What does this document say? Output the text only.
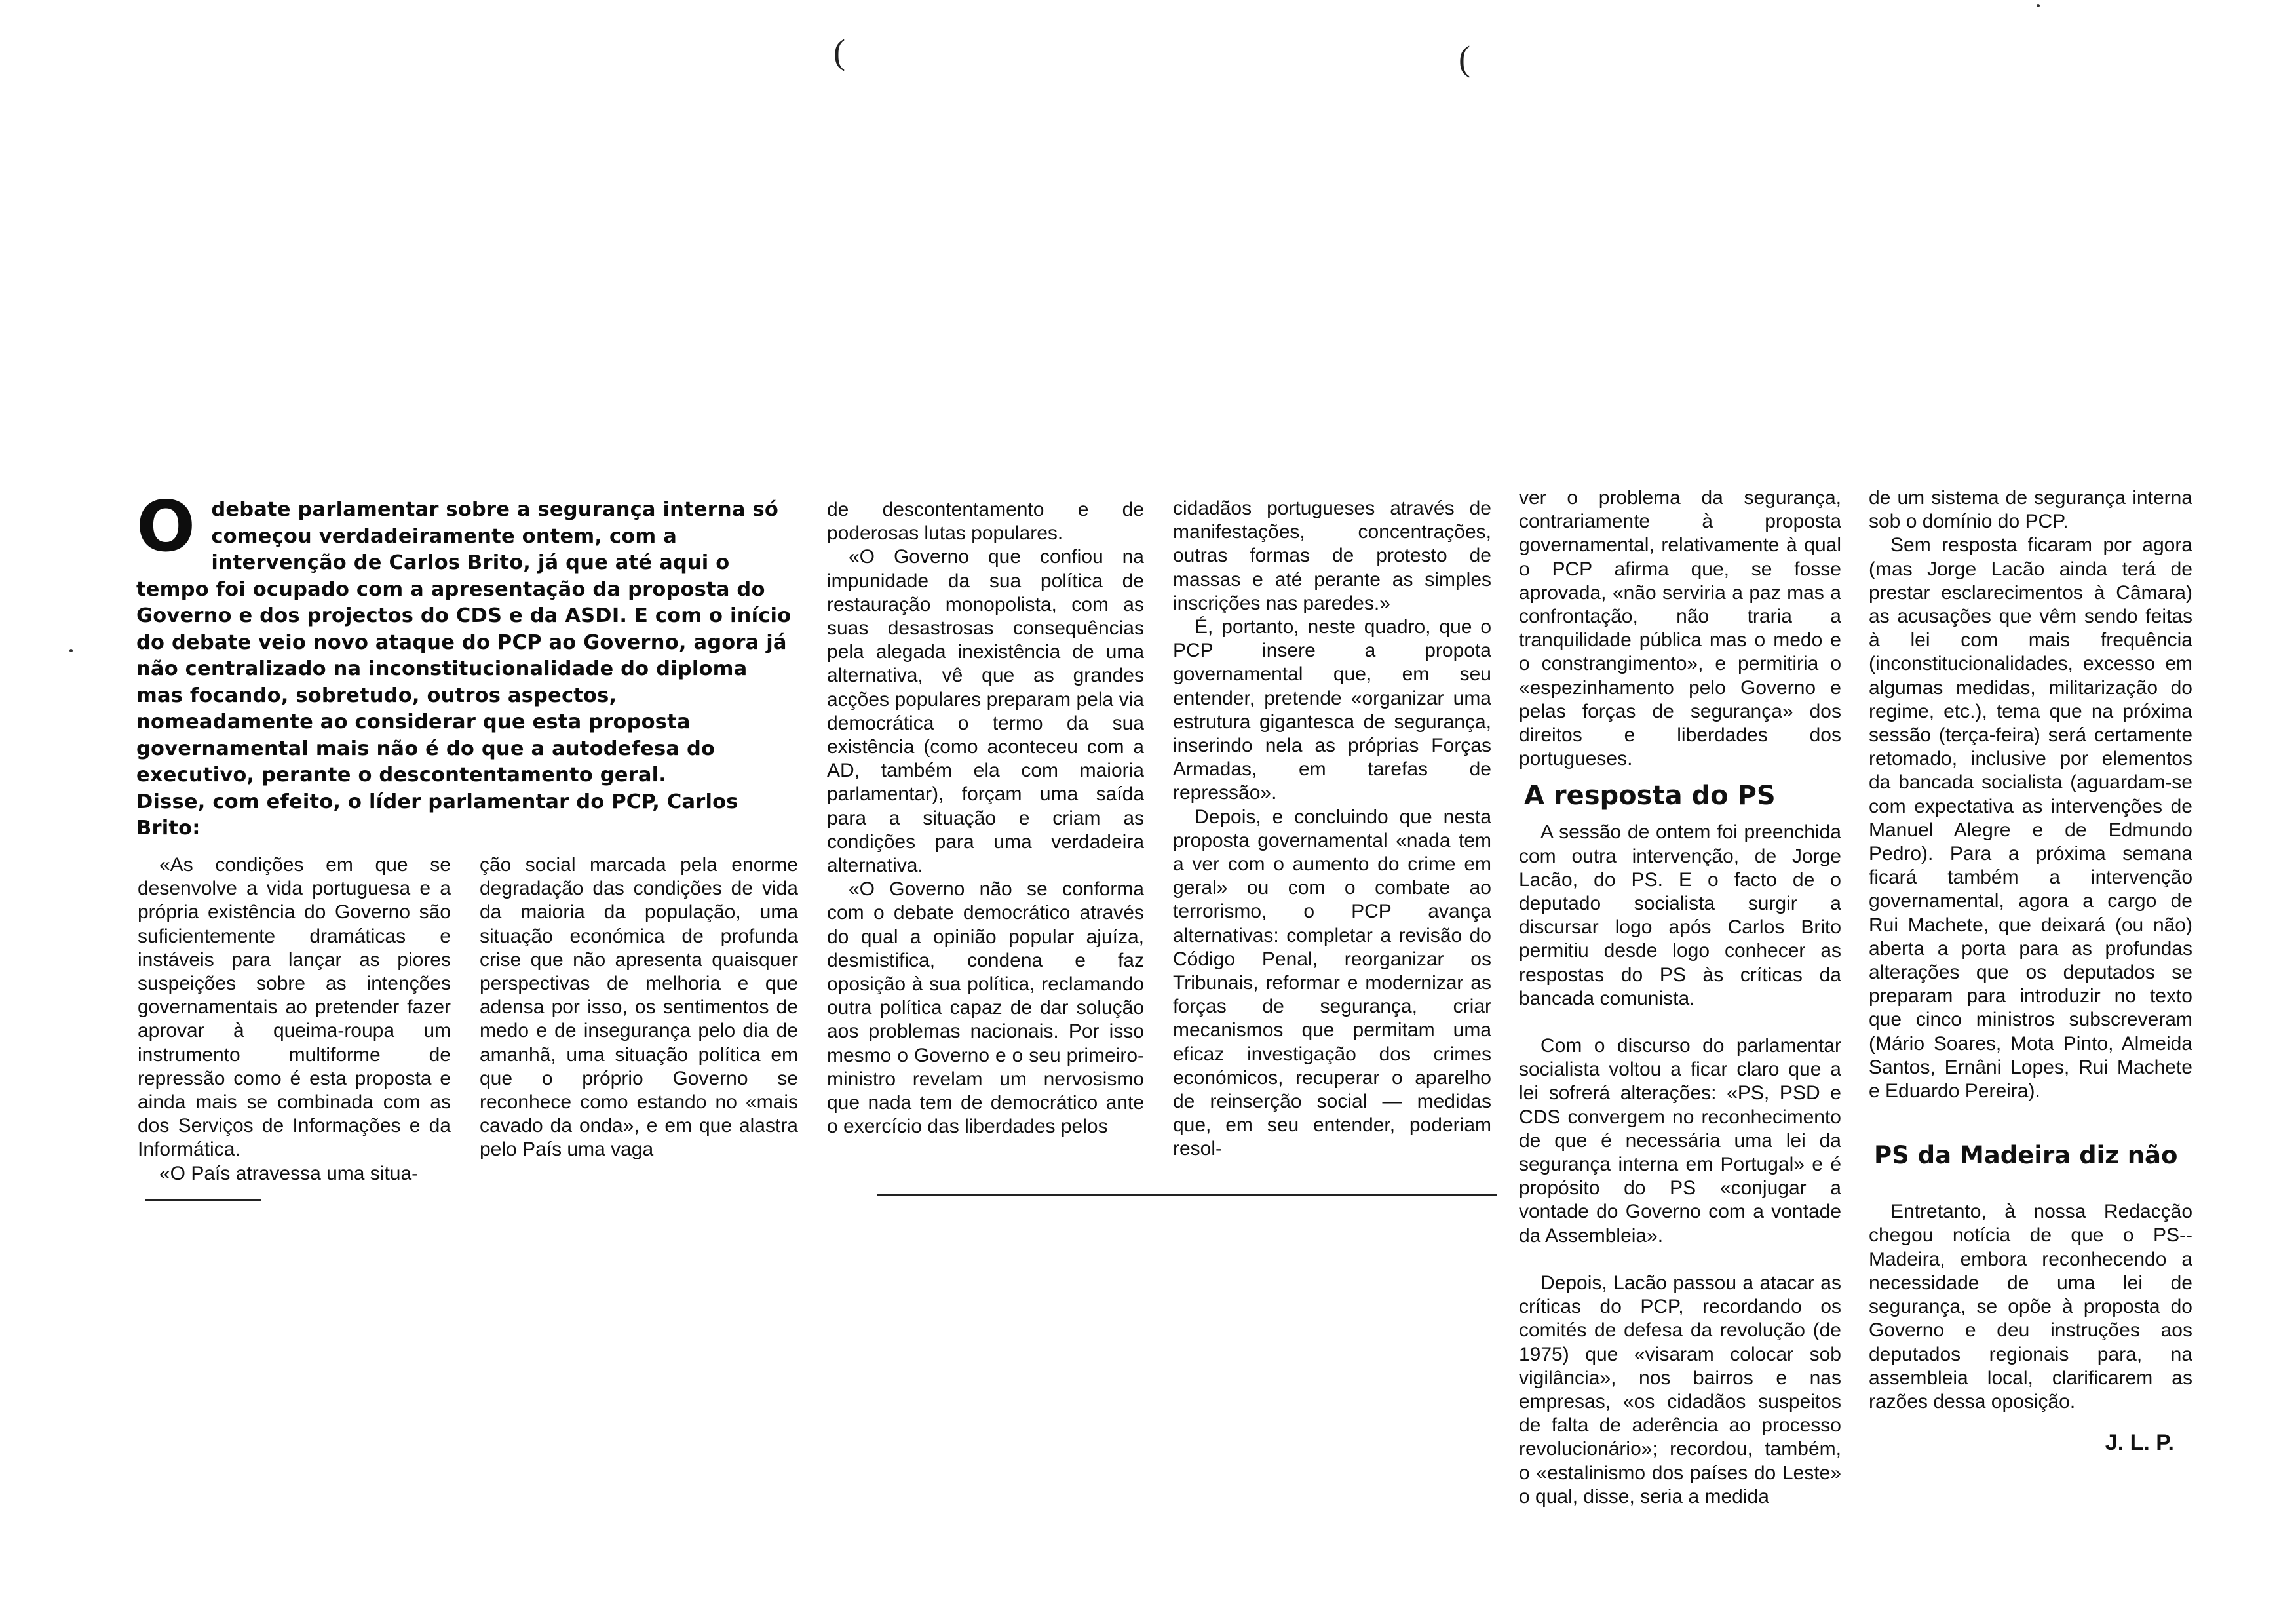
(	(
O debate parlamentar sobre a segurança interna só começou verdadeiramente ontem, com a intervenção de Carlos Brito, já que até aqui o tempo foi ocupado com a apresentação da proposta do Governo e dos projectos do CDS e da ASDI. E com o início do debate veio novo ataque do PCP ao Governo, agora já não centralizado na inconstitucionalidade do diploma mas focando, sobretudo, outros aspectos, nomeadamente ao considerar que esta proposta governamental mais não é do que a autodefesa do executivo, perante o descontentamento geral.
Disse, com efeito, o líder parlamentar do PCP, Carlos Brito:

«As condições em que se desenvolve a vida portuguesa e a própria existência do Governo são suficientemente dramáticas e instáveis para lançar as piores suspeições sobre as intenções governamentais ao pretender fazer aprovar à queima-roupa um instrumento multiforme de repressão como é esta proposta e ainda mais se combinada com as dos Serviços de Informações e da Informática.

«O País atravessa uma situa-

ção social marcada pela enorme degradação das condições de vida da maioria da população, uma situação económica de profunda crise que não apresenta quaisquer perspectivas de melhoria e que adensa por isso, os sentimentos de medo e de insegurança pelo dia de amanhã, uma situação política em que o próprio Governo se reconhece como estando no «mais cavado da onda», e em que alastra pelo País uma vaga

de descontentamento e de poderosas lutas populares.

«O Governo que confiou na impunidade da sua política de restauração monopolista, com as suas desastrosas consequências pela alegada inexistência de uma alternativa, vê que as grandes acções populares preparam pela via democrática o termo da sua existência (como aconteceu com a AD, também ela com maioria parlamentar), forçam uma saída para a situação e criam as condições para uma verdadeira alternativa.

«O Governo não se conforma com o debate democrático através do qual a opinião popular ajuíza, desmistifica, condena e faz oposição à sua política, reclamando outra política capaz de dar solução aos problemas nacionais. Por isso mesmo o Governo e o seu primeiro-ministro revelam um nervosismo que nada tem de democrático ante o exercício das liberdades pelos

cidadãos portugueses através de manifestações, concentrações, outras formas de protesto de massas e até perante as simples inscrições nas paredes.»

É, portanto, neste quadro, que o PCP insere a propota governamental que, em seu entender, pretende «organizar uma estrutura gigantesca de segurança, inserindo nela as próprias Forças Armadas, em tarefas de repressão».

Depois, e concluindo que nesta proposta governamental «nada tem a ver com o aumento do crime em geral» ou com o combate ao terrorismo, o PCP avança alternativas: completar a revisão do Código Penal, reorganizar os Tribunais, reformar e modernizar as forças de segurança, criar mecanismos que permitam uma eficaz investigação dos crimes económicos, recuperar o aparelho de reinserção social — medidas que, em seu entender, poderiam resol-

ver o problema da segurança, contrariamente à proposta governamental, relativamente à qual o PCP afirma que, se fosse aprovada, «não serviria a paz mas a confrontação, não traria a tranquilidade pública mas o medo e o constrangimento», e permitiria o «espezinhamento pelo Governo e pelas forças de segurança» dos direitos e liberdades dos portugueses.

A resposta do PS

A sessão de ontem foi preenchida com outra intervenção, de Jorge Lacão, do PS. E o facto de o deputado socialista surgir a discursar logo após Carlos Brito permitiu desde logo conhecer as respostas do PS às críticas da bancada comunista.

Com o discurso do parlamentar socialista voltou a ficar claro que a lei sofrerá alterações: «PS, PSD e CDS convergem no reconhecimento de que é necessária uma lei da segurança interna em Portugal» e é propósito do PS «conjugar a vontade do Governo com a vontade da Assembleia».

Depois, Lacão passou a atacar as críticas do PCP, recordando os comités de defesa da revolução (de 1975) que «visaram colocar sob vigilância», nos bairros e nas empresas, «os cidadãos suspeitos de falta de aderência ao processo revolucionário»; recordou, também, o «estalinismo dos países do Leste» o qual, disse, seria a medida

de um sistema de segurança interna sob o domínio do PCP.

Sem resposta ficaram por agora (mas Jorge Lacão ainda terá de prestar esclarecimentos à Câmara) as acusações que vêm sendo feitas à lei com mais frequência (inconstitucionalidades, excesso em algumas medidas, militarização do regime, etc.), tema que na próxima sessão (terça-feira) será certamente retomado, inclusive por elementos da bancada socialista (aguardam-se com expectativa as intervenções de Manuel Alegre e de Edmundo Pedro). Para a próxima semana ficará também a intervenção governamental, agora a cargo de Rui Machete, que deixará (ou não) aberta a porta para as profundas alterações que os deputados se preparam para introduzir no texto que cinco ministros subscreveram (Mário Soares, Mota Pinto, Almeida Santos, Ernâni Lopes, Rui Machete e Eduardo Pereira).

PS da Madeira diz não

Entretanto, à nossa Redacção chegou notícia de que o PS--Madeira, embora reconhecendo a necessidade de uma lei de segurança, se opõe à proposta do Governo e deu instruções aos deputados regionais para, na assembleia local, clarificarem as razões dessa oposição.

J. L. P.
